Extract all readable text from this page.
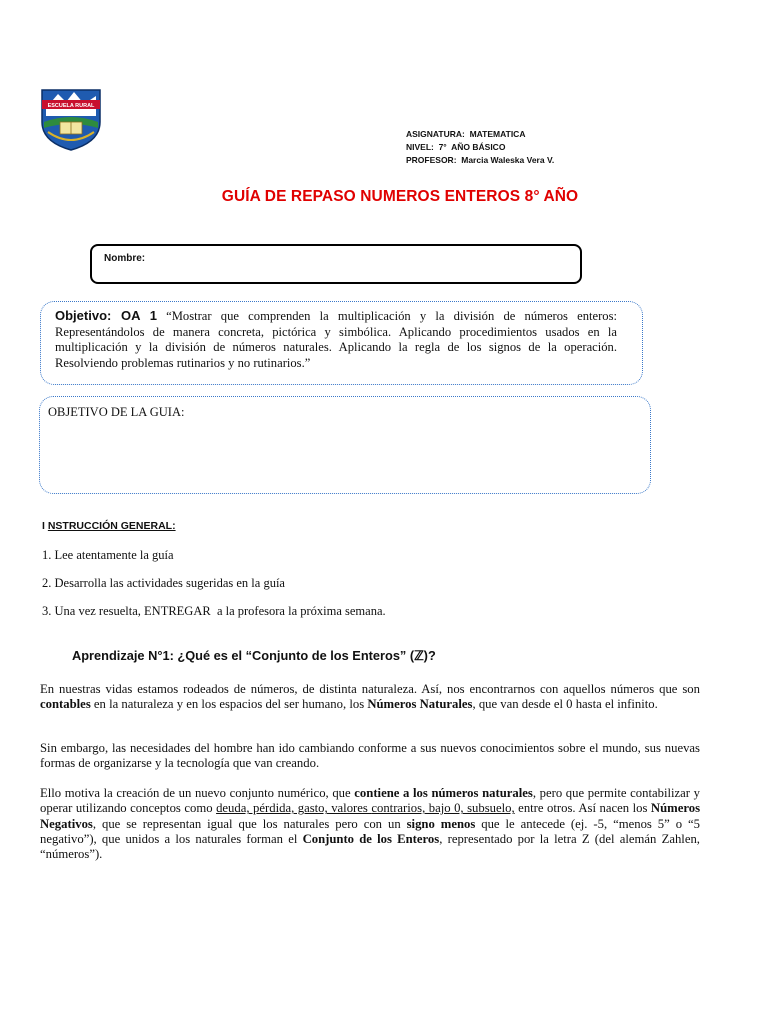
ESCUELA RURAL
ASIGNATURA:  MATEMATICA
NIVEL:  7°  AÑO BÁSICO
PROFESOR:  Marcia Waleska Vera V.
GUÍA DE REPASO NUMEROS ENTEROS 8° AÑO
Nombre:
Objetivo: OA 1 “Mostrar que comprenden la multiplicación y la división de números enteros: Representándolos de manera concreta, pictórica y simbólica. Aplicando procedimientos usados en la multiplicación y la división de números naturales. Aplicando la regla de los signos de la operación. Resolviendo problemas rutinarios y no rutinarios.”
OBJETIVO DE LA GUIA:
I NSTRUCCIÓN GENERAL:
1. Lee atentamente la guía
2. Desarrolla las actividades sugeridas en la guía
3. Una vez resuelta, ENTREGAR  a la profesora la próxima semana.
Aprendizaje N°1: ¿Qué es el “Conjunto de los Enteros” (ℤ)?
En nuestras vidas estamos rodeados de números, de distinta naturaleza. Así, nos encontrarnos con aquellos números que son contables en la naturaleza y en los espacios del ser humano, los Números Naturales, que van desde el 0 hasta el infinito.
Sin embargo, las necesidades del hombre han ido cambiando conforme a sus nuevos conocimientos sobre el mundo, sus nuevas formas de organizarse y la tecnología que van creando.
Ello motiva la creación de un nuevo conjunto numérico, que contiene a los números naturales, pero que permite contabilizar y operar utilizando conceptos como deuda, pérdida, gasto, valores contrarios, bajo 0, subsuelo, entre otros. Así nacen los Números Negativos, que se representan igual que los naturales pero con un signo menos que le antecede (ej. -5, “menos 5” o “5 negativo”), que unidos a los naturales forman el Conjunto de los Enteros, representado por la letra Z (del alemán Zahlen, “números”).
